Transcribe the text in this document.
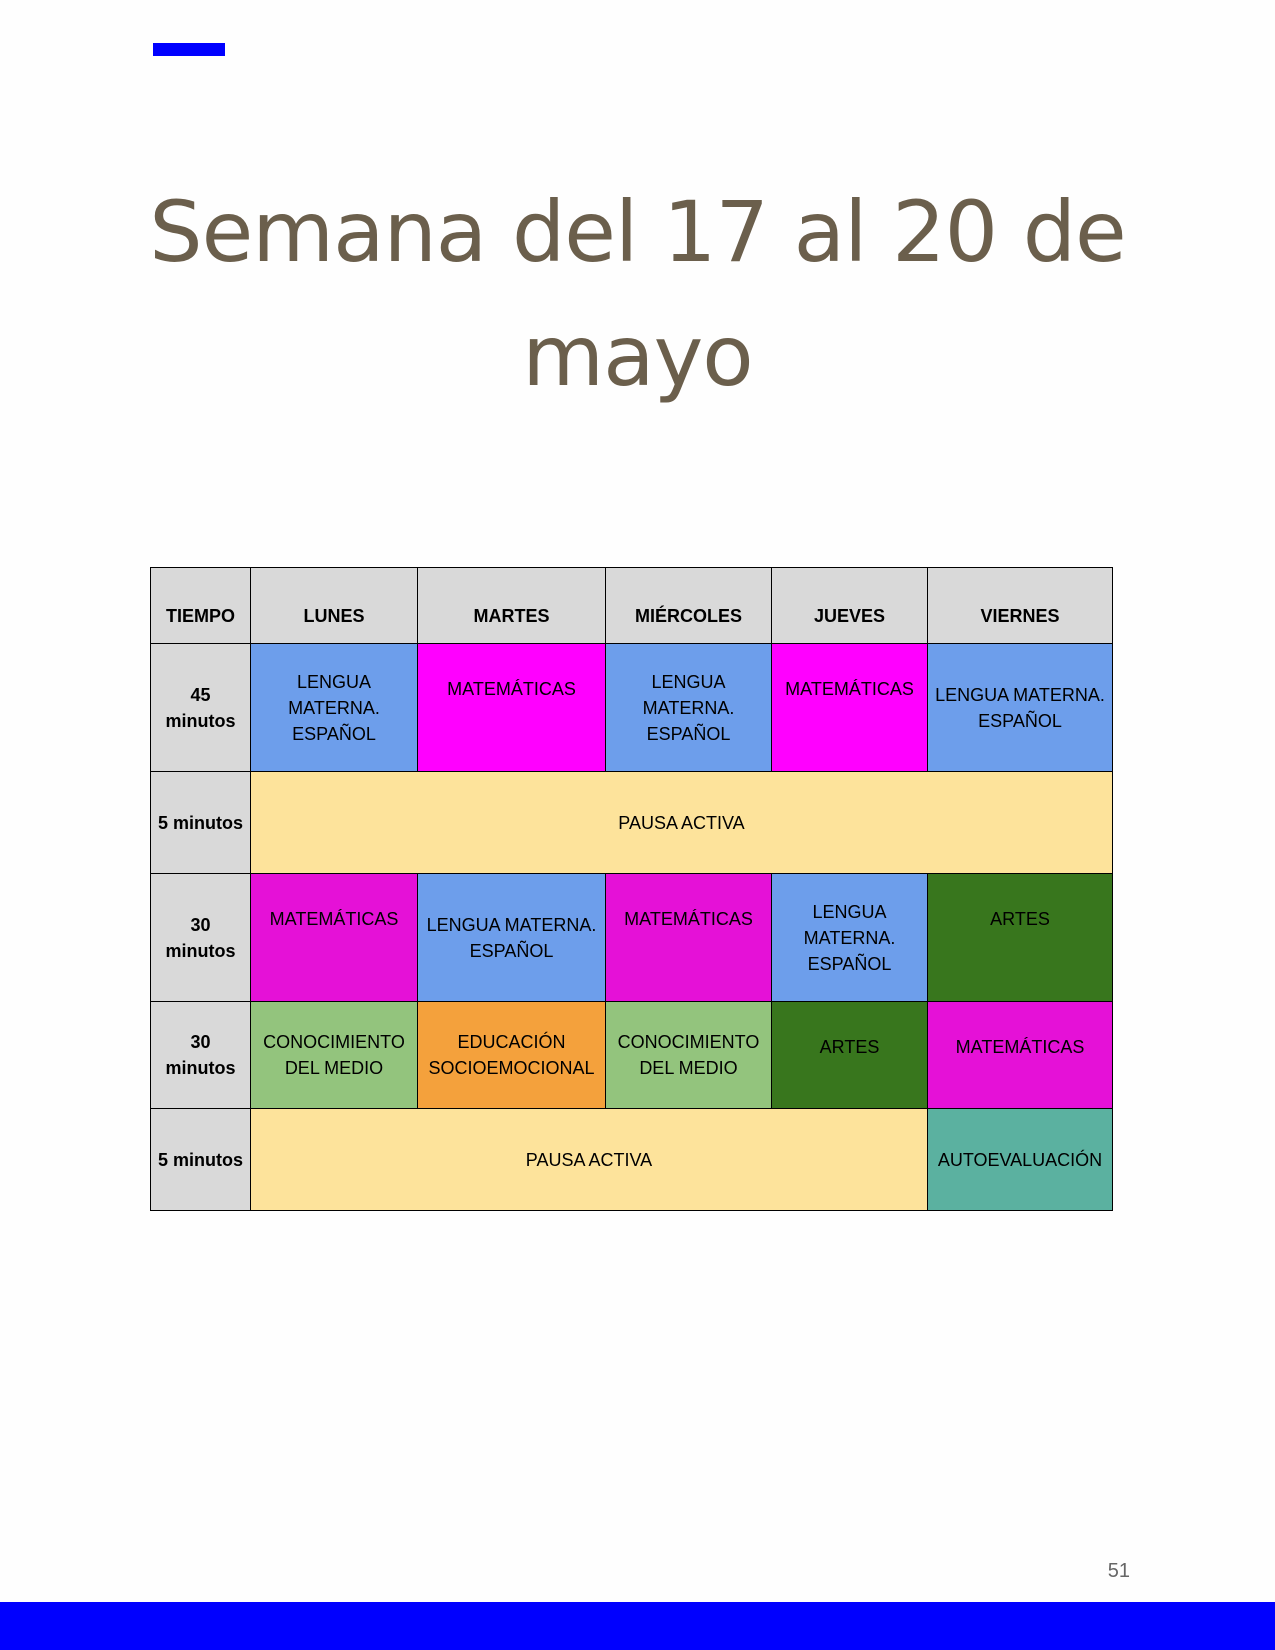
Semana del 17 al 20 de mayo
TIEMPO	LUNES	MARTES	MIÉRCOLES	JUEVES	VIERNES
45 minutos	LENGUA MATERNA. ESPAÑOL	MATEMÁTICAS	LENGUA MATERNA. ESPAÑOL	MATEMÁTICAS	LENGUA MATERNA. ESPAÑOL
5 minutos	PAUSA ACTIVA				
30 minutos	MATEMÁTICAS	LENGUA MATERNA. ESPAÑOL	MATEMÁTICAS	LENGUA MATERNA. ESPAÑOL	ARTES
30 minutos	CONOCIMIENTO DEL MEDIO	EDUCACIÓN SOCIOEMOCIONAL	CONOCIMIENTO DEL MEDIO	ARTES	MATEMÁTICAS
5 minutos	PAUSA ACTIVA				AUTOEVALUACIÓN
51
